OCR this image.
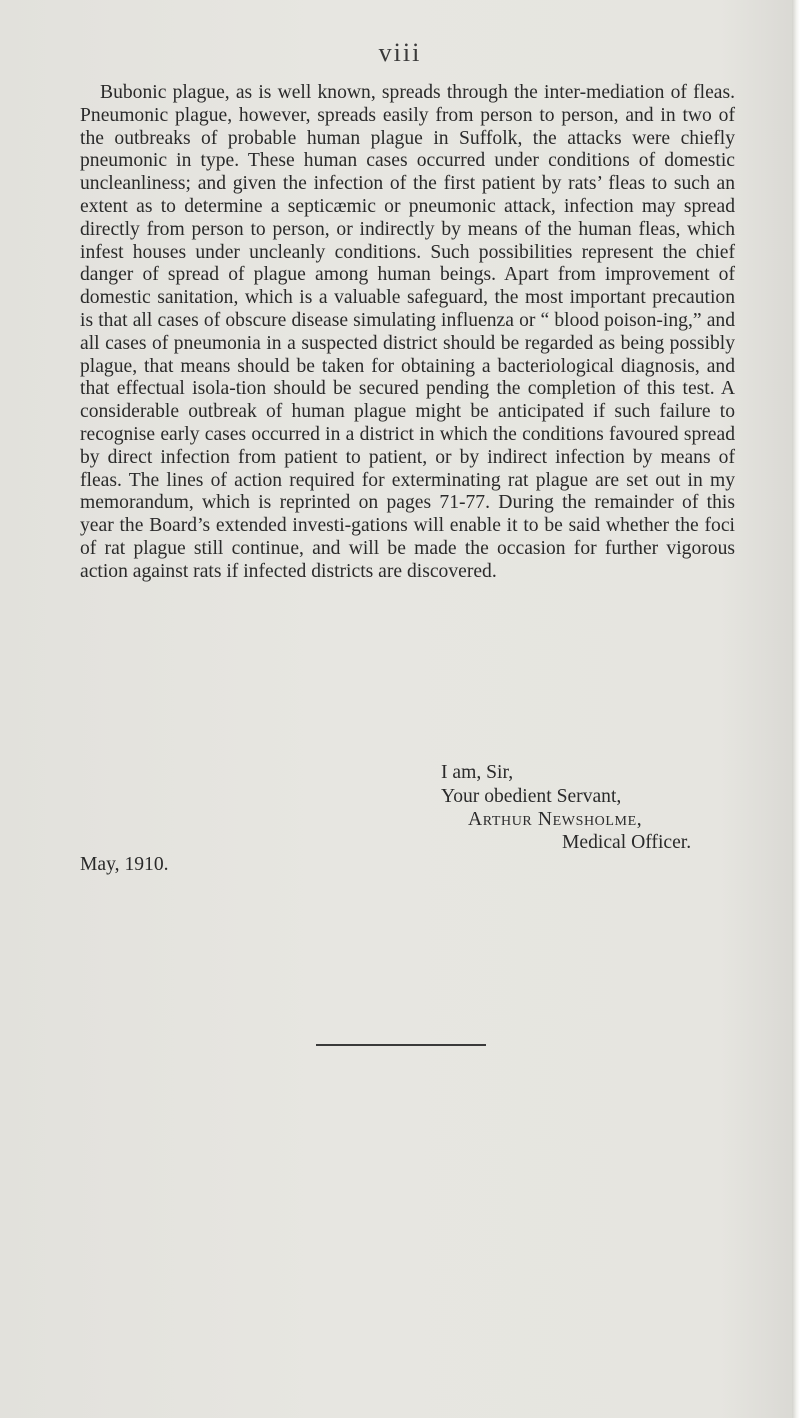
viii

Bubonic plague, as is well known, spreads through the inter-mediation of fleas. Pneumonic plague, however, spreads easily from person to person, and in two of the outbreaks of probable human plague in Suffolk, the attacks were chiefly pneumonic in type. These human cases occurred under conditions of domestic uncleanliness; and given the infection of the first patient by rats’ fleas to such an extent as to determine a septicæmic or pneumonic attack, infection may spread directly from person to person, or indirectly by means of the human fleas, which infest houses under uncleanly conditions. Such possibilities represent the chief danger of spread of plague among human beings. Apart from improvement of domestic sanitation, which is a valuable safeguard, the most important precaution is that all cases of obscure disease simulating influenza or “ blood poison-ing,” and all cases of pneumonia in a suspected district should be regarded as being possibly plague, that means should be taken for obtaining a bacteriological diagnosis, and that effectual isola-tion should be secured pending the completion of this test. A considerable outbreak of human plague might be anticipated if such failure to recognise early cases occurred in a district in which the conditions favoured spread by direct infection from patient to patient, or by indirect infection by means of fleas. The lines of action required for exterminating rat plague are set out in my memorandum, which is reprinted on pages 71-77. During the remainder of this year the Board’s extended investi-gations will enable it to be said whether the foci of rat plague still continue, and will be made the occasion for further vigorous action against rats if infected districts are discovered.

I am, Sir,
Your obedient Servant,
Arthur Newsholme,
Medical Officer.
May, 1910.
